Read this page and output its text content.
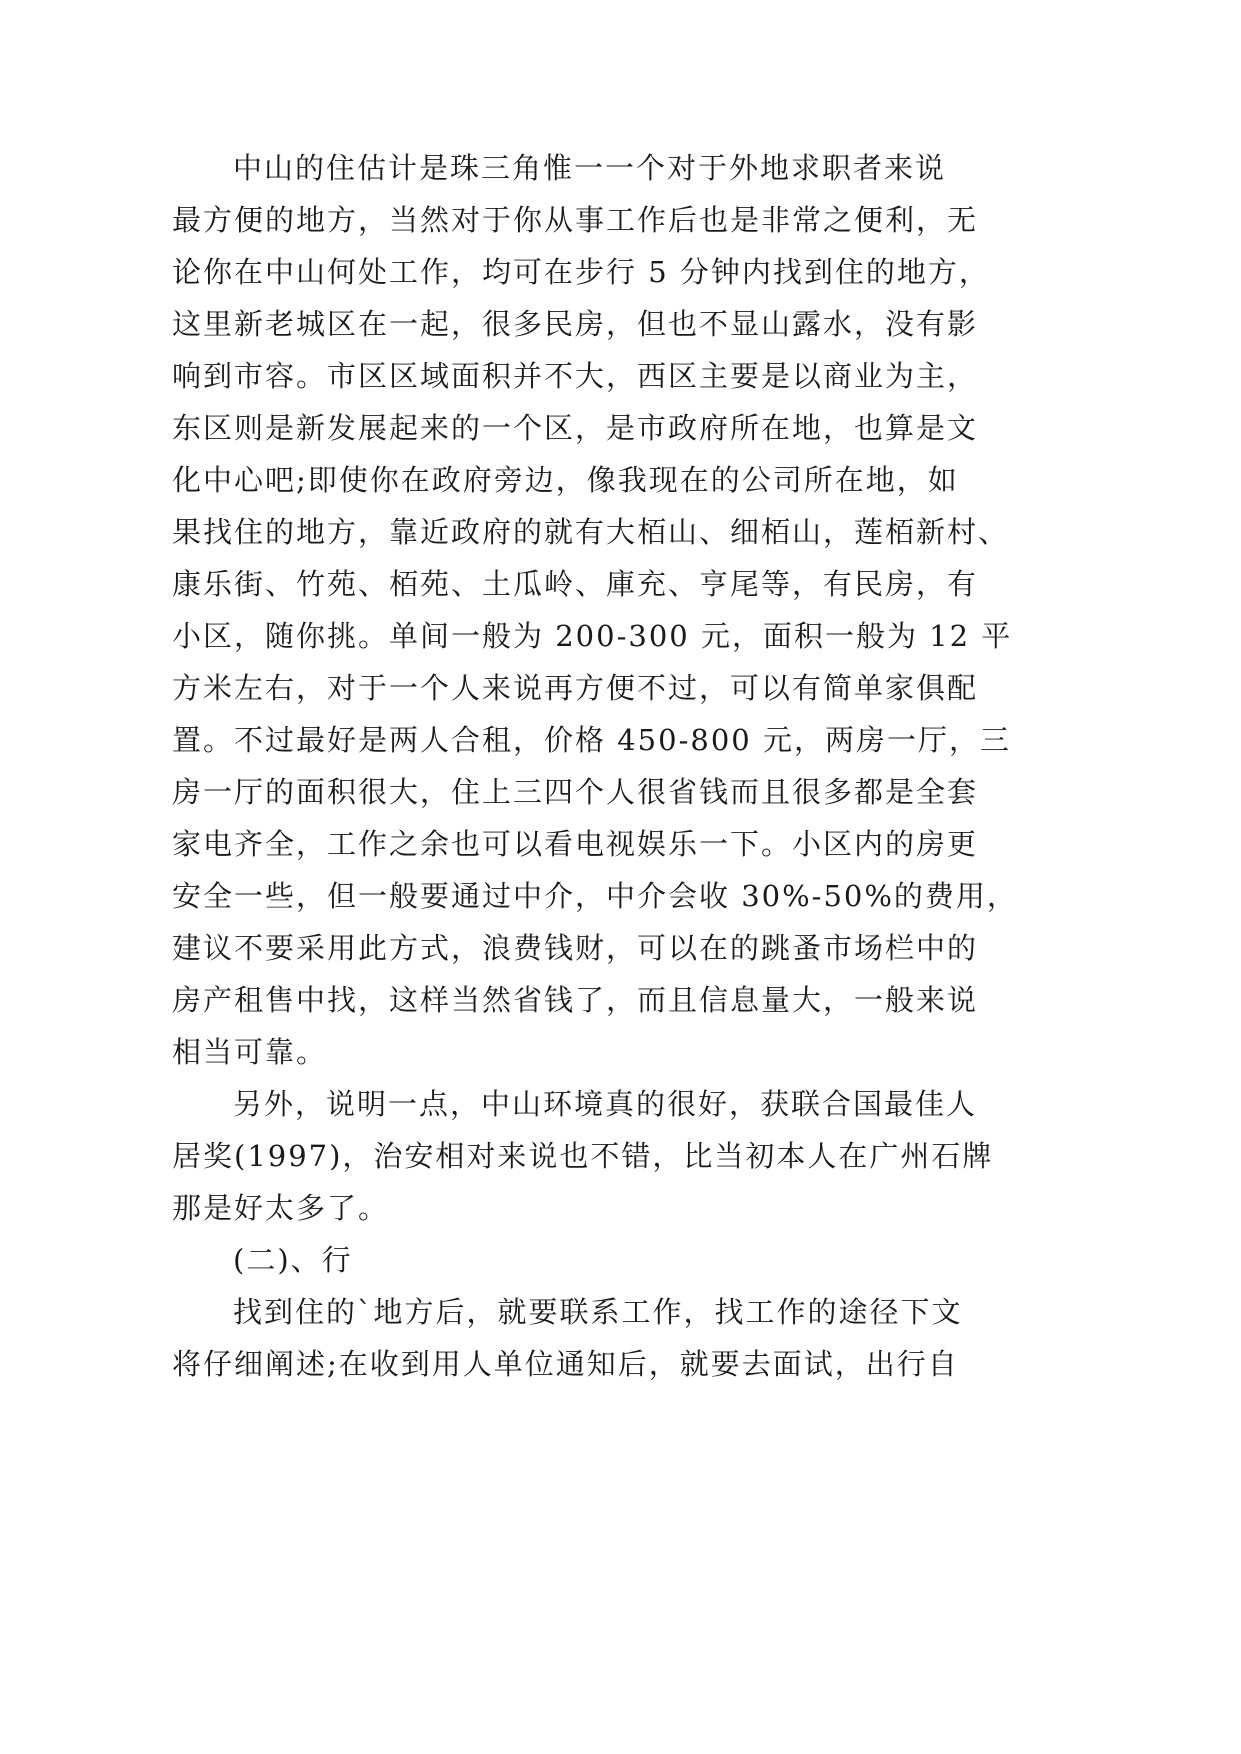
中山的住估计是珠三角惟一一个对于外地求职者来说
最方便的地方，当然对于你从事工作后也是非常之便利，无
论你在中山何处工作，均可在步行 5 分钟内找到住的地方，
这里新老城区在一起，很多民房，但也不显山露水，没有影
响到市容。市区区域面积并不大，西区主要是以商业为主，
东区则是新发展起来的一个区，是市政府所在地，也算是文
化中心吧;即使你在政府旁边，像我现在的公司所在地，如
果找住的地方，靠近政府的就有大栢山、细栢山，莲栢新村、
康乐街、竹苑、栢苑、土瓜岭、庫充、亨尾等，有民房，有
小区，随你挑。单间一般为 200-300 元，面积一般为 12 平
方米左右，对于一个人来说再方便不过，可以有简单家俱配
置。不过最好是两人合租，价格 450-800 元，两房一厅，三
房一厅的面积很大，住上三四个人很省钱而且很多都是全套
家电齐全，工作之余也可以看电视娱乐一下。小区内的房更
安全一些，但一般要通过中介，中介会收 30%-50%的费用，
建议不要采用此方式，浪费钱财，可以在的跳蚤市场栏中的
房产租售中找，这样当然省钱了，而且信息量大，一般来说
相当可靠。
另外，说明一点，中山环境真的很好，获联合国最佳人
居奖(1997)，治安相对来说也不错，比当初本人在广州石牌
那是好太多了。
(二)、行
找到住的`地方后，就要联系工作，找工作的途径下文
将仔细阐述;在收到用人单位通知后，就要去面试，出行自
